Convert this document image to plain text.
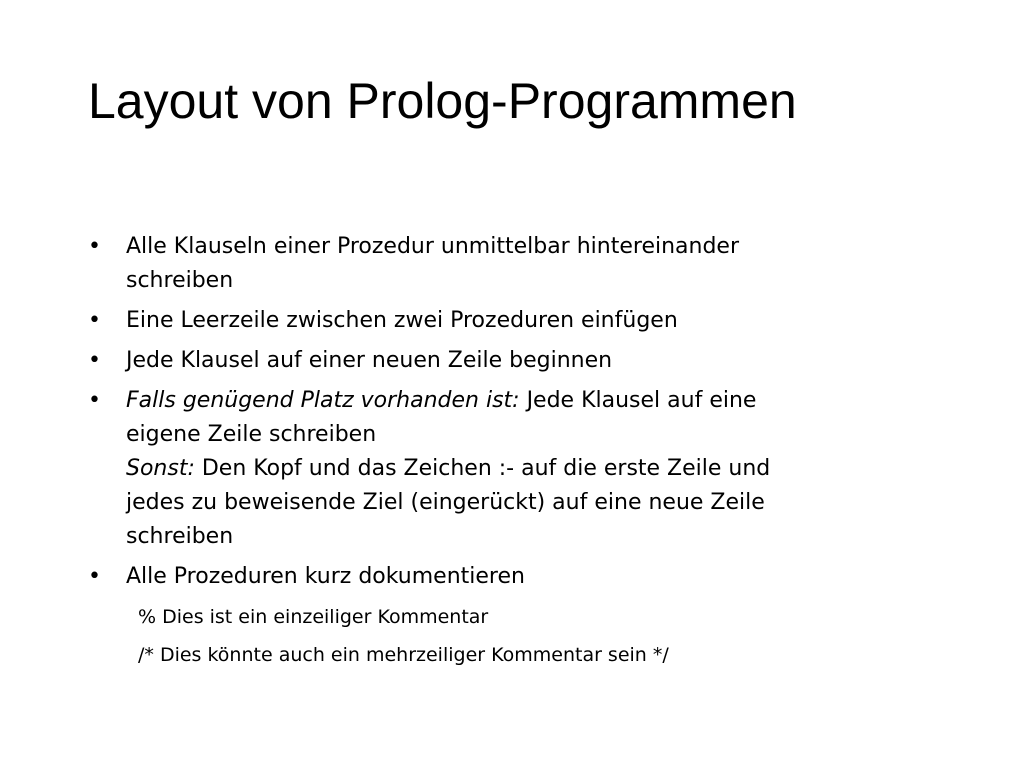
Layout von Prolog-Programmen
•	Alle Klauseln einer Prozedur unmittelbar hintereinander
schreiben
•	Eine Leerzeile zwischen zwei Prozeduren einfügen
•	Jede Klausel auf einer neuen Zeile beginnen
•	Falls genügend Platz vorhanden ist: Jede Klausel auf eine
eigene Zeile schreiben
Sonst: Den Kopf und das Zeichen :- auf die erste Zeile und
jedes zu beweisende Ziel (eingerückt) auf eine neue Zeile
schreiben
•	Alle Prozeduren kurz dokumentieren
% Dies ist ein einzeiliger Kommentar
/* Dies könnte auch ein mehrzeiliger Kommentar sein */
